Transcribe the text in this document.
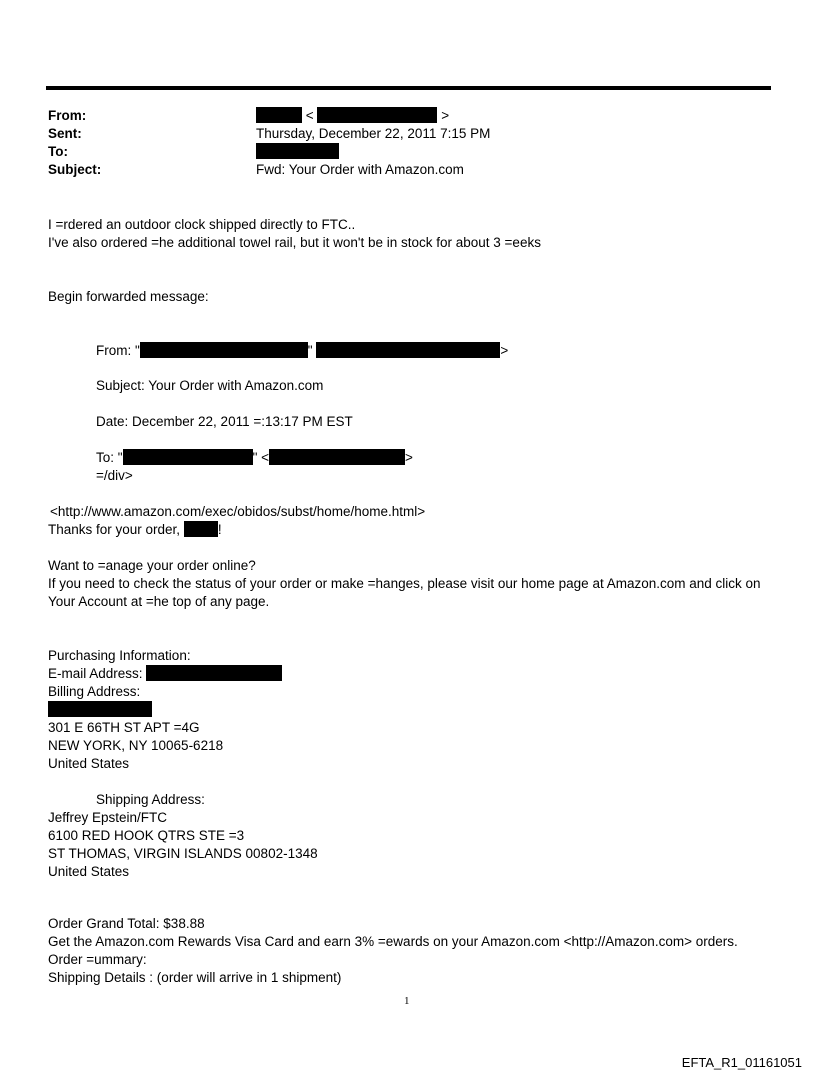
From:	<	>
Sent:	Thursday, December 22, 2011 7:15 PM
To:
Subject:	Fwd: Your Order with Amazon.com
I =rdered an outdoor clock shipped directly to FTC..
I've also ordered =he additional towel rail, but it won't be in stock for about 3 =eeks
Begin forwarded message:
From: "	"	>
Subject: Your Order with Amazon.com
Date: December 22, 2011 =:13:17 PM EST
To: "	" <	>
=/div>
<http://www.amazon.com/exec/obidos/subst/home/home.html>
Thanks for your order,	!
Want to =anage your order online?
If you need to check the status of your order or make =hanges, please visit our home page at Amazon.com and click on
Your Account at =he top of any page.
Purchasing Information:
E-mail Address:
Billing Address:
301 E 66TH ST APT =4G
NEW YORK, NY 10065-6218
United States
Shipping Address:
Jeffrey Epstein/FTC
6100 RED HOOK QTRS STE =3
ST THOMAS, VIRGIN ISLANDS 00802-1348
United States
Order Grand Total: $38.88
Get the Amazon.com Rewards Visa Card and earn 3% =ewards on your Amazon.com <http://Amazon.com> orders.
Order =ummary:
Shipping Details : (order will arrive in 1 shipment)
1
EFTA_R1_01161051
